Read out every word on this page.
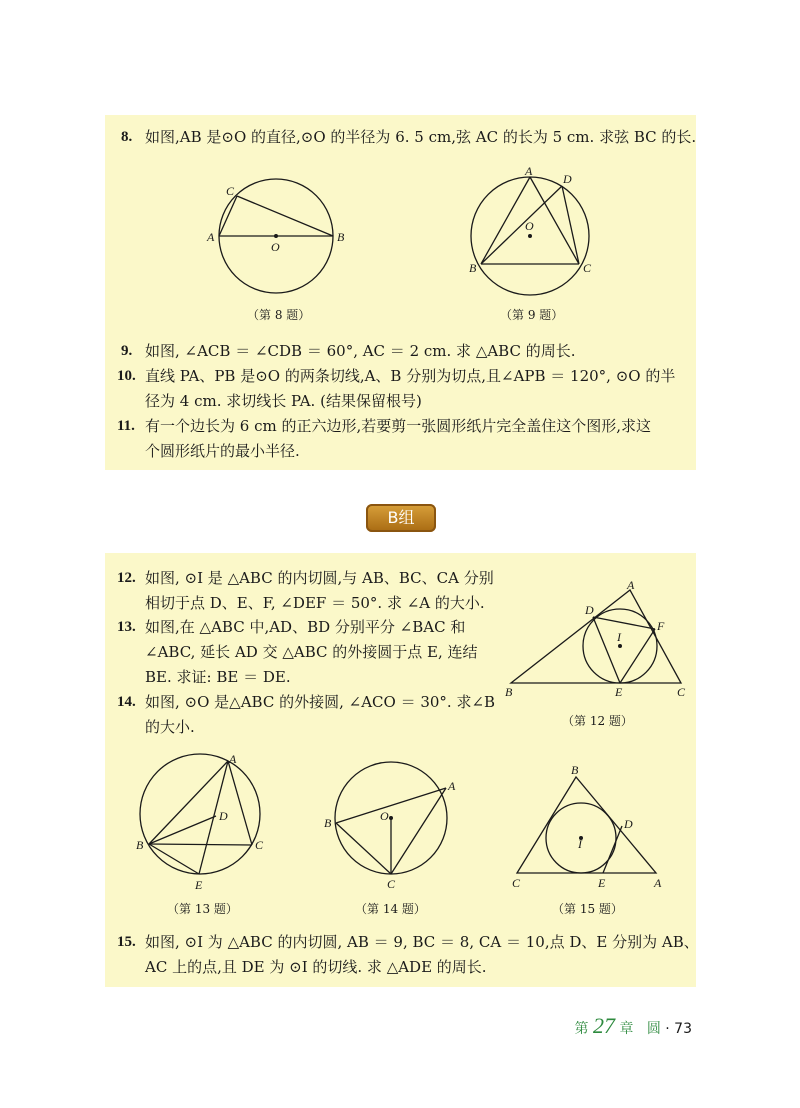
8. 如图,AB 是⊙O 的直径,⊙O 的半径为 6. 5 cm,弦 AC 的长为 5 cm. 求弦 BC 的长.
A	B
C
O
（第 8 题）
A
B	C
D
O
（第 9 题）
9. 如图, ∠ACB ＝ ∠CDB ＝ 60°, AC ＝ 2 cm. 求 △ABC 的周长.
10. 直线 PA、PB 是⊙O 的两条切线,A、B 分别为切点,且∠APB ＝ 120°, ⊙O 的半
径为 4 cm. 求切线长 PA. (结果保留根号)
11. 有一个边长为 6 cm 的正六边形,若要剪一张圆形纸片完全盖住这个图形,求这
个圆形纸片的最小半径.
B组
12. 如图, ⊙I 是 △ABC 的内切圆,与 AB、BC、CA 分别
相切于点 D、E、F, ∠DEF ＝ 50°. 求 ∠A 的大小.
13. 如图,在 △ABC 中,AD、BD 分别平分 ∠BAC 和
∠ABC, 延长 AD 交 △ABC 的外接圆于点 E, 连结
BE. 求证: BE ＝ DE.
14. 如图, ⊙O 是△ABC 的外接圆, ∠ACO ＝ 30°. 求∠B
的大小.
A
B	C
D
E
F
I
（第 12 题）
A
B	C
D
E
（第 13 题）
A
B
C
O
（第 14 题）
A
B
C
D
E
I
（第 15 题）
15. 如图, ⊙I 为 △ABC 的内切圆, AB ＝ 9, BC ＝ 8, CA ＝ 10,点 D、E 分别为 AB、
AC 上的点,且 DE 为 ⊙I 的切线. 求 △ADE 的周长.
第 27 章 圆 · 73
